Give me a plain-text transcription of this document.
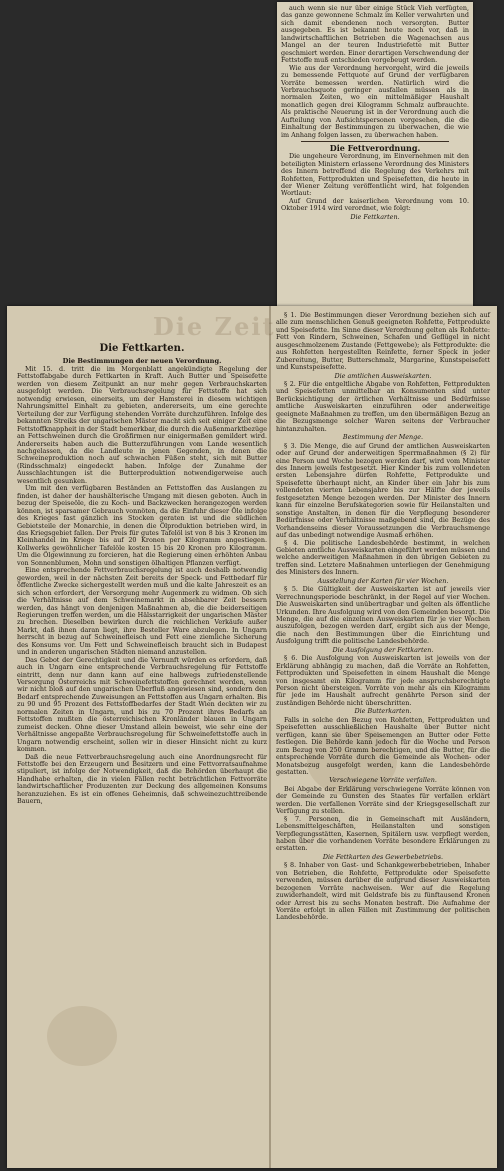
auch wenn sie nur über einige Stück Vieh verfügten, das ganze gewonnene Schmalz im Keller verwahrten und sich damit ebendenen noch versorgten. Butter ausgegeben. Es ist bekannt heute noch vor, daß in landwirtschaftlichen Betrieben die Wagenachsen aus Mangel an der teuren Industriefette mit Butter geschmiert werden. Einer derartigen Verschwendung der Fettstoffe muß entschieden vorgebeugt werden.

Wie aus der Verordnung hervorgeht, wird die jeweils zu bemessende Fettquote auf Grund der verfügbaren Vorräte bemessen werden. Natürlich wird die Verbrauchsquote geringer ausfallen müssen als in normalen Zeiten, wo ein mittelmäßiger Haushalt monatlich gegen drei Kilogramm Schmalz aufbrauchte. Als praktische Neuerung ist in der Verordnung auch die Aufteilung von Aufsichtspersonen vorgesehen, die die Einhaltung der Bestimmungen zu überwachen, die wie im Anhang folgen lassen, zu überwachen haben.

Die Fettverordnung.

Die ungeheure Verordnung, im Einvernehmen mit den beteiligten Ministern erlassene Verordnung des Ministers des Innern betreffend die Regelung des Verkehrs mit Rohfetten, Fettprodukten und Speisefetten, die heute in der Wiener Zeitung veröffentlicht wird, hat folgenden Wortlaut:

Auf Grund der kaiserlichen Verordnung vom 10. Oktober 1914 wird verordnet, wie folgt:

Die Fettkarten.
Die Zeit
Die Fettkarten.
Die Bestimmungen der neuen Verordnung.

Mit 15. d. tritt die im Morgenblatt angekündigte Regelung der Fettstoffabgabe durch Fettkarten in Kraft. Auch Butter und Speisefette werden von diesem Zeitpunkt an nur mehr gegen Verbrauchskarten ausgefolgt werden. Die Verbrauchsregelung für Fettstoffe hat sich notwendig erwiesen, einerseits, um der Hamsterei in diesem wichtigen Nahrungsmittel Einhalt zu gebieten, andererseits, um eine gerechte Verteilung der zur Verfügung stehenden Vorräte durchzuführen. Infolge des bekannten Streiks der ungarischen Mäster macht sich seit einiger Zeit eine Fettstoffknappheit in der Stadt bemerkbar, die durch die Außenmarktbezüge an Fettschweinen durch die Großfirmen nur einigermaßen gemildert wird. Andererseits haben auch die Butterzuführungen vom Lande wesentlich nachgelassen, da die Landleute in jenen Gegenden, in denen die Schweineproduktion noch auf schwachen Füßen steht, sich mit Butter (Rindsschmalz) eingedeckt haben. Infolge der Zunahme der Ausschlachtungen ist die Butterproduktion notwendigerweise auch wesentlich gesunken.

Um mit den verfügbaren Beständen an Fettstoffen das Auslangen zu finden, ist daher der haushälterische Umgang mit diesen geboten. Auch in bezug der Speiseöle, die zu Koch- und Backzwecken herangezogen werden können, ist sparsamer Gebrauch vonnöten, da die Einfuhr dieser Öle infolge des Krieges fast gänzlich ins Stocken geraten ist und die südlichen Gebietsteile der Monarchie, in denen die Ölproduktion betrieben wird, in das Kriegsgebiet fallen. Der Preis für gutes Tafelöl ist von 8 bis 3 Kronen im Kleinhandel im Kriege bis auf 20 Kronen per Kilogramm angestiegen. Kollwerks gewöhnlicher Tafelöle kosten 15 bis 20 Kronen pro Kilogramm. Um die Ölgewinnung zu forcieren, hat die Regierung einen erhöhten Anbau von Sonnenblumen, Mohn und sonstigen ölhaltigen Pflanzen verfügt.

Eine entsprechende Fettverbrauchsregelung ist auch deshalb notwendig geworden, weil in der nächsten Zeit bereits der Speck- und Fettbedarf für öffentliche Zwecke sichergestellt werden muß und die kalte Jahreszeit es an sich schon erfordert, der Versorgung mehr Augenmerk zu widmen. Ob sich die Verhältnisse auf dem Schweinemarkt in absehbarer Zeit bessern werden, das hängt von denjenigen Maßnahmen ab, die die beiderseitigen Regierungen treffen werden, um die Hälsstarrigkeit der ungarischen Mäster zu brechen. Dieselben bewirken durch die reichlichen Verkäufe außer Markt, daß ihnen daran liegt, ihre Besteller Ware abzulegen. In Ungarn herrscht in bezug auf Schweinefleisch und Fett eine ziemliche Sicherung des Konsums vor. Um Fett und Schweinefleisch braucht sich in Budapest und in anderen ungarischen Städten niemand anzustellen.

Das Gebot der Gerechtigkeit und die Vernunft würden es erfordern, daß auch in Ungarn eine entsprechende Verbrauchsregelung für Fettstoffe eintritt, denn nur dann kann auf eine halbwegs zufriedenstellende Versorgung Österreichs mit Schweinefettstoffen gerechnet werden, wenn wir nicht bloß auf den ungarischen Überfluß angewiesen sind, sondern den Bedarf entsprechende Zuweisungen an Fettstoffen aus Ungarn erhalten. Bis zu 90 und 95 Prozent des Fettstoffbedarfes der Stadt Wien deckten wir zu normalen Zeiten in Ungarn, und bis zu 70 Prozent ihres Bedarfs an Fettstoffen mußten die österreichischen Kronländer blauen in Ungarn zumeist decken. Ohne dieser Umstand allein beweist, wie sehr eine der Verhältnisse angepaßte Verbrauchsregelung für Schweinefettstoffe auch in Ungarn notwendig erscheint, sollen wir in dieser Hinsicht nicht zu kurz kommen.

Daß die neue Fettverbrauchsregelung auch eine Anordnungsrecht für Fettstoffe bei den Erzeugern und Besitzern und eine Fettvorratsaufnahme stipuliert, ist infolge der Notwendigkeit, daß die Behörden überhaupt die Handhabe erhalten, die in vielen Fällen recht beträchtlichen Fettvorräte landwirtschaftlicher Produzenten zur Deckung des allgemeinen Konsums heranzuziehen. Es ist ein offenes Geheimnis, daß schweinezuchttreibende Bauern,

§ 1. Die Bestimmungen dieser Verordnung beziehen sich auf alle zum menschlichen Genuß geeigneten Rohfette, Fettprodukte und Speisefette. Im Sinne dieser Verordnung gelten als Rohfette: Fett von Rindern, Schweinen, Schafen und Geflügel in nicht ausgeschmolzenem Zustande (Fettgewebe); als Fettprodukte: die aus Rohfetten hergestellten Reinfette, ferner Speck in jeder Zubereitung, Butter, Butterschmalz, Margarine, Kunstspeisefett und Kunstspeisefette.

Die amtlichen Ausweiskarten.

§ 2. Für die entgeltliche Abgabe von Rohfetten, Fettprodukten und Speisefetten unmittelbar an Konsumenten sind unter Berücksichtigung der örtlichen Verhältnisse und Bedürfnisse amtliche Ausweiskarten einzuführen oder anderweitige geeignete Maßnahmen zu treffen, um den übermäßigen Bezug an die Bezugsmenge solcher Waren seitens der Verbraucher hintanzuhalten.

Bestimmung der Menge.

§ 3. Die Menge, die auf Grund der amtlichen Ausweiskarten oder auf Grund der anderweitigen Sperrmaßnahmen (§ 2) für eine Person und Woche bezogen werden darf, wird vom Minister des Innern jeweils festgesetzt. Hier Kinder bis zum vollendeten ersten Lebensjahre dürfen Rohfette, Fettprodukte und Speisefette überhaupt nicht, an Kinder über ein Jahr bis zum vollendeten vierten Lebensjahre bis zur Hälfte der jeweils festgesetzten Menge bezogen werden. Der Minister des Innern kann für einzelne Berufskategorien sowie für Heilanstalten und sonstige Anstalten, in denen für die Verpflegung besonderer Bedürfnisse oder Verhältnisse maßgebend sind, die Bezüge des Vorhandenseins dieser Voraussetzungen die Verbrauchsmenge auf das unbedingt notwendige Ausmaß erhöhen.

§ 4. Die politische Landesbehörde bestimmt, in welchen Gebieten amtliche Ausweiskarten eingeführt werden müssen und welche anderweitigen Maßnahmen in den übrigen Gebieten zu treffen sind. Letztere Maßnahmen unterliegen der Genehmigung des Ministers des Innern.

Ausstellung der Karten für vier Wochen.

§ 5. Die Gültigkeit der Ausweiskarten ist auf jeweils vier Verrechnungsperiode beschränkt, in der Regel auf vier Wochen. Die Ausweiskarten sind unübertragbar und gelten als öffentliche Urkunden. Ihre Ausfolgung wird von den Gemeinden besorgt. Die Menge, die auf die einzelnen Ausweiskarten für je vier Wochen auszufolgen, bezogen werden darf, ergibt sich aus der Menge, die nach den Bestimmungen über die Einrichtung und Ausfolgung trifft die politische Landesbehörde.

Die Ausfolgung der Fettkarten.

§ 6. Die Ausfolgung von Ausweiskarten ist jeweils von der Erklärung abhängig zu machen, daß die Vorräte an Rohfetten, Fettprodukten und Speisefetten in einem Haushalt die Menge von insgesamt ein Kilogramm für jede anspruchsberechtigte Person nicht übersteigen. Vorräte von mehr als ein Kilogramm für jede im Haushalt aufrecht genährte Person sind der zuständigen Behörde nicht überschritten.

Die Butterkarten.

Falls in solche den Bezug von Rohfetten, Fettprodukten und Speisefetten ausschließlichen Haushalte über Butter nicht verfügen, kann sie über Speisemengen an Butter oder Fette festlegen. Die Behörde kann jedoch für die Woche und Person zum Bezug von 250 Gramm berechtigen, und die Butter, für die entsprechende Vorräte durch die Gemeinde als Wochen- oder Monatsbezug ausgefolgt werden, kann die Landesbehörde gestatten.

Verschwiegene Vorräte verfallen.

Bei Abgabe der Erklärung verschwiegene Vorräte können von der Gemeinde zu Gunsten des Staates für verfallen erklärt werden. Die verfallenen Vorräte sind der Kriegsgesellschaft zur Verfügung zu stellen.

§ 7. Personen, die in Gemeinschaft mit Ausländern, Lebensmittelgeschäften, Heilanstalten und sonstigen Verpflegungsstätten, Kasernen, Spitälern usw. verpflegt werden, haben über die vorhandenen Vorräte besondere Erklärungen zu erstatten.

Die Fettkarten des Gewerbebetriebs.

§ 8. Inhaber von Gast- und Schankgewerbebetrieben, Inhaber von Betrieben, die Rohfette, Fettprodukte oder Speisefette verwenden, müssen darüber die aufgrund dieser Ausweiskarten bezogenen Vorräte nachweisen. Wer auf die Regelung zuwiderhandelt, wird mit Geldstrafe bis zu fünftausend Kronen oder Arrest bis zu sechs Monaten bestraft. Die Aufnahme der Vorräte erfolgt in allen Fällen mit Zustimmung der politischen Landesbehörde.
